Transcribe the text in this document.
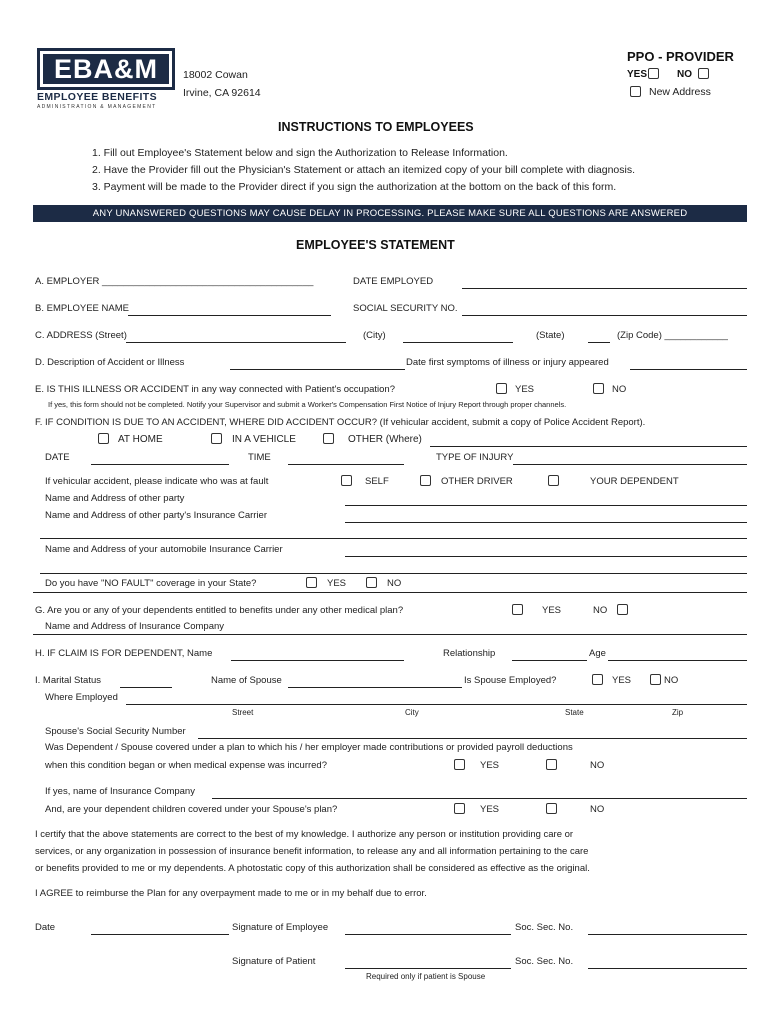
EBA&M
EMPLOYEE BENEFITS
ADMINISTRATION & MANAGEMENT
18002 Cowan
Irvine, CA 92614
PPO - PROVIDER
YES	NO
New Address
INSTRUCTIONS TO EMPLOYEES
1. Fill out Employee's Statement below and sign the Authorization to Release Information.
2. Have the Provider fill out the Physician's Statement or attach an itemized copy of your bill complete with diagnosis.
3. Payment will be made to the Provider direct if you sign the authorization at the bottom on the back of this form.
ANY UNANSWERED QUESTIONS MAY CAUSE DELAY IN PROCESSING. PLEASE MAKE SURE ALL QUESTIONS ARE ANSWERED
EMPLOYEE'S STATEMENT
A. EMPLOYER ________________________________________	DATE EMPLOYED
B. EMPLOYEE NAME	SOCIAL SECURITY NO.
C. ADDRESS (Street)	(City)	(State)	(Zip Code) ____________
D. Description of Accident or Illness	Date first symptoms of illness or injury appeared
E. IS THIS ILLNESS OR ACCIDENT in any way connected with Patient's occupation?	YES	NO
If yes, this form should not be completed. Notify your Supervisor and submit a Worker's Compensation First Notice of Injury Report through proper channels.
F. IF CONDITION IS DUE TO AN ACCIDENT, WHERE DID ACCIDENT OCCUR? (If vehicular accident, submit a copy of Police Accident Report).
AT HOME	IN A VEHICLE	OTHER (Where)
DATE	TIME	TYPE OF INJURY
If vehicular accident, please indicate who was at fault	SELF	OTHER DRIVER	YOUR DEPENDENT
Name and Address of other party
Name and Address of other party's Insurance Carrier
Name and Address of your automobile Insurance Carrier
Do you have "NO FAULT" coverage in your State?	YES	NO
G. Are you or any of your dependents entitled to benefits under any other medical plan?	YES	NO
Name and Address of Insurance Company
H. IF CLAIM IS FOR DEPENDENT, Name	Relationship	Age
I. Marital Status	Name of Spouse	Is Spouse Employed?	YES	NO
Where Employed
Street	City	State	Zip
Spouse's Social Security Number
Was Dependent / Spouse covered under a plan to which his / her employer made contributions or provided payroll deductions
when this condition began or when medical expense was incurred?	YES	NO
If yes, name of Insurance Company
And, are your dependent children covered under your Spouse's plan?	YES	NO
I certify that the above statements are correct to the best of my knowledge. I authorize any person or institution providing care or
services, or any organization in possession of insurance benefit information, to release any and all information pertaining to the care
or benefits provided to me or my dependents. A photostatic copy of this authorization shall be considered as effective as the original.
I AGREE to reimburse the Plan for any overpayment made to me or in my behalf due to error.
Date	Signature of Employee	Soc. Sec. No.
Signature of Patient	Soc. Sec. No.
Required only if patient is Spouse
